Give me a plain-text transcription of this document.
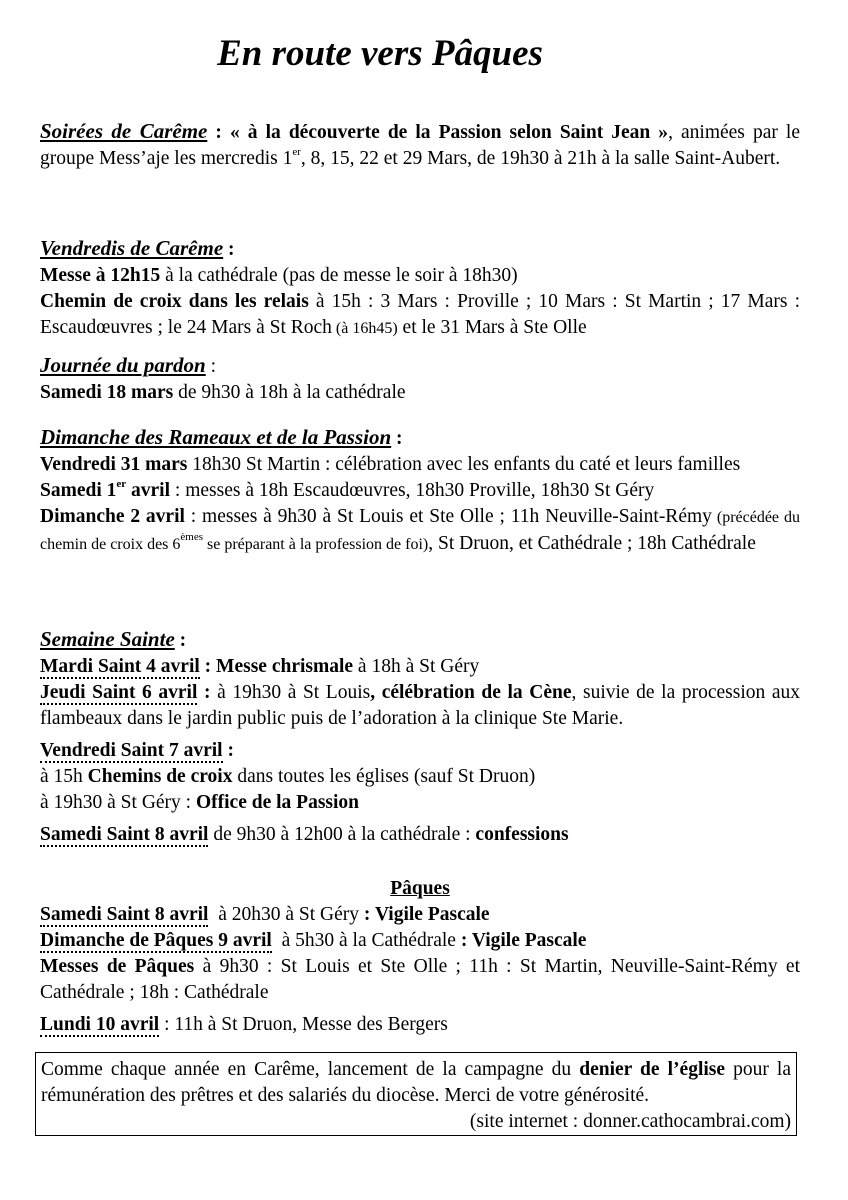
En route vers Pâques
Soirées de Carême : « à la découverte de la Passion selon Saint Jean », animées par le groupe Mess’aje les mercredis 1er, 8, 15, 22 et 29 Mars, de 19h30 à 21h à la salle Saint-Aubert.
Vendredis de Carême :
Messe à 12h15 à la cathédrale (pas de messe le soir à 18h30)
Chemin de croix dans les relais à 15h : 3 Mars : Proville ; 10 Mars : St Martin ; 17 Mars : Escaudœuvres ; le 24 Mars à St Roch (à 16h45) et le 31 Mars à Ste Olle
Journée du pardon :
Samedi 18 mars de 9h30 à 18h à la cathédrale
Dimanche des Rameaux et de la Passion :
Vendredi 31 mars 18h30 St Martin : célébration avec les enfants du caté et leurs familles
Samedi 1er avril : messes à 18h Escaudœuvres, 18h30 Proville, 18h30 St Géry
Dimanche 2 avril : messes à 9h30 à St Louis et Ste Olle ; 11h Neuville-Saint-Rémy (précédée du chemin de croix des 6èmes se préparant à la profession de foi), St Druon, et Cathédrale ; 18h Cathédrale
Semaine Sainte :
Mardi Saint 4 avril : Messe chrismale à 18h à St Géry
Jeudi Saint 6 avril : à 19h30 à St Louis, célébration de la Cène, suivie de la procession aux flambeaux dans le jardin public puis de l’adoration à la clinique Ste Marie.
Vendredi Saint 7 avril :
à 15h Chemins de croix dans toutes les églises (sauf St Druon)
à 19h30 à St Géry : Office de la Passion
Samedi Saint 8 avril de 9h30 à 12h00 à la cathédrale : confessions
Pâques
Samedi Saint 8 avril  à 20h30 à St Géry : Vigile Pascale
Dimanche de Pâques 9 avril  à 5h30 à la Cathédrale : Vigile Pascale
Messes de Pâques à 9h30 : St Louis et Ste Olle ; 11h : St Martin, Neuville-Saint-Rémy et Cathédrale ; 18h : Cathédrale
Lundi 10 avril : 11h à St Druon, Messe des Bergers
Comme chaque année en Carême, lancement de la campagne du denier de l’église pour la rémunération des prêtres et des salariés du diocèse. Merci de votre générosité.
(site internet : donner.cathocambrai.com)
